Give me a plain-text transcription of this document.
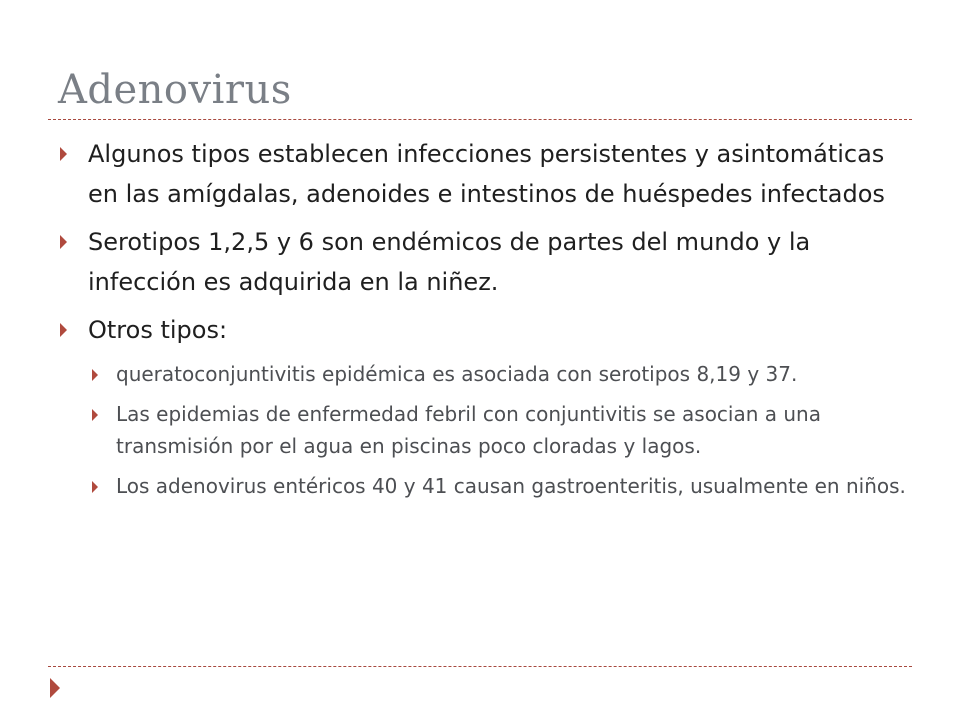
Adenovirus
Algunos tipos establecen infecciones persistentes y asintomáticas en las amígdalas, adenoides e intestinos de huéspedes infectados
Serotipos 1,2,5 y 6 son endémicos de partes del mundo y la infección es adquirida en la niñez.
Otros tipos:
queratoconjuntivitis epidémica es asociada con serotipos 8,19 y 37.
Las epidemias de enfermedad febril con conjuntivitis se asocian a una transmisión por el agua en piscinas poco cloradas y lagos.
Los adenovirus entéricos 40 y 41 causan gastroenteritis, usualmente en niños.
